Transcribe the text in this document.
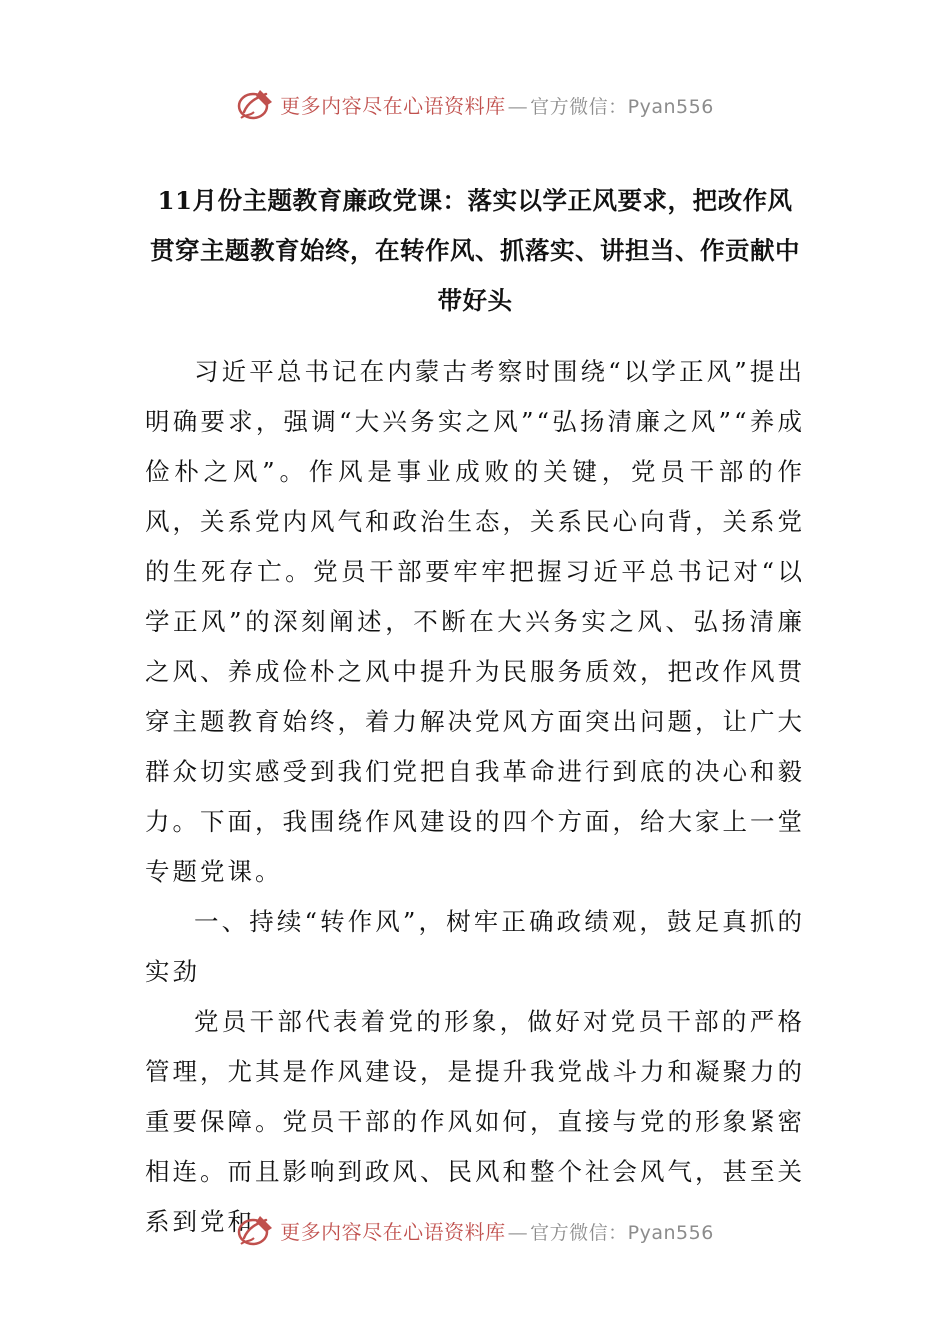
更多内容尽在心语资料库 — 官方微信：Pyan556
11月份主题教育廉政党课：落实以学正风要求，把改作风贯穿主题教育始终，在转作风、抓落实、讲担当、作贡献中带好头

习近平总书记在内蒙古考察时围绕“以学正风”提出明确要求，强调“大兴务实之风”“弘扬清廉之风”“养成俭朴之风”。作风是事业成败的关键，党员干部的作风，关系党内风气和政治生态，关系民心向背，关系党的生死存亡。党员干部要牢牢把握习近平总书记对“以学正风”的深刻阐述，不断在大兴务实之风、弘扬清廉之风、养成俭朴之风中提升为民服务质效，把改作风贯穿主题教育始终，着力解决党风方面突出问题，让广大群众切实感受到我们党把自我革命进行到底的决心和毅力。下面，我围绕作风建设的四个方面，给大家上一堂专题党课。

一、持续“转作风”，树牢正确政绩观，鼓足真抓的实劲

党员干部代表着党的形象，做好对党员干部的严格管理，尤其是作风建设，是提升我党战斗力和凝聚力的重要保障。党员干部的作风如何，直接与党的形象紧密相连。而且影响到政风、民风和整个社会风气，甚至关系到党和	更多内容尽在心语资料库 — 官方微信：Pyan556
